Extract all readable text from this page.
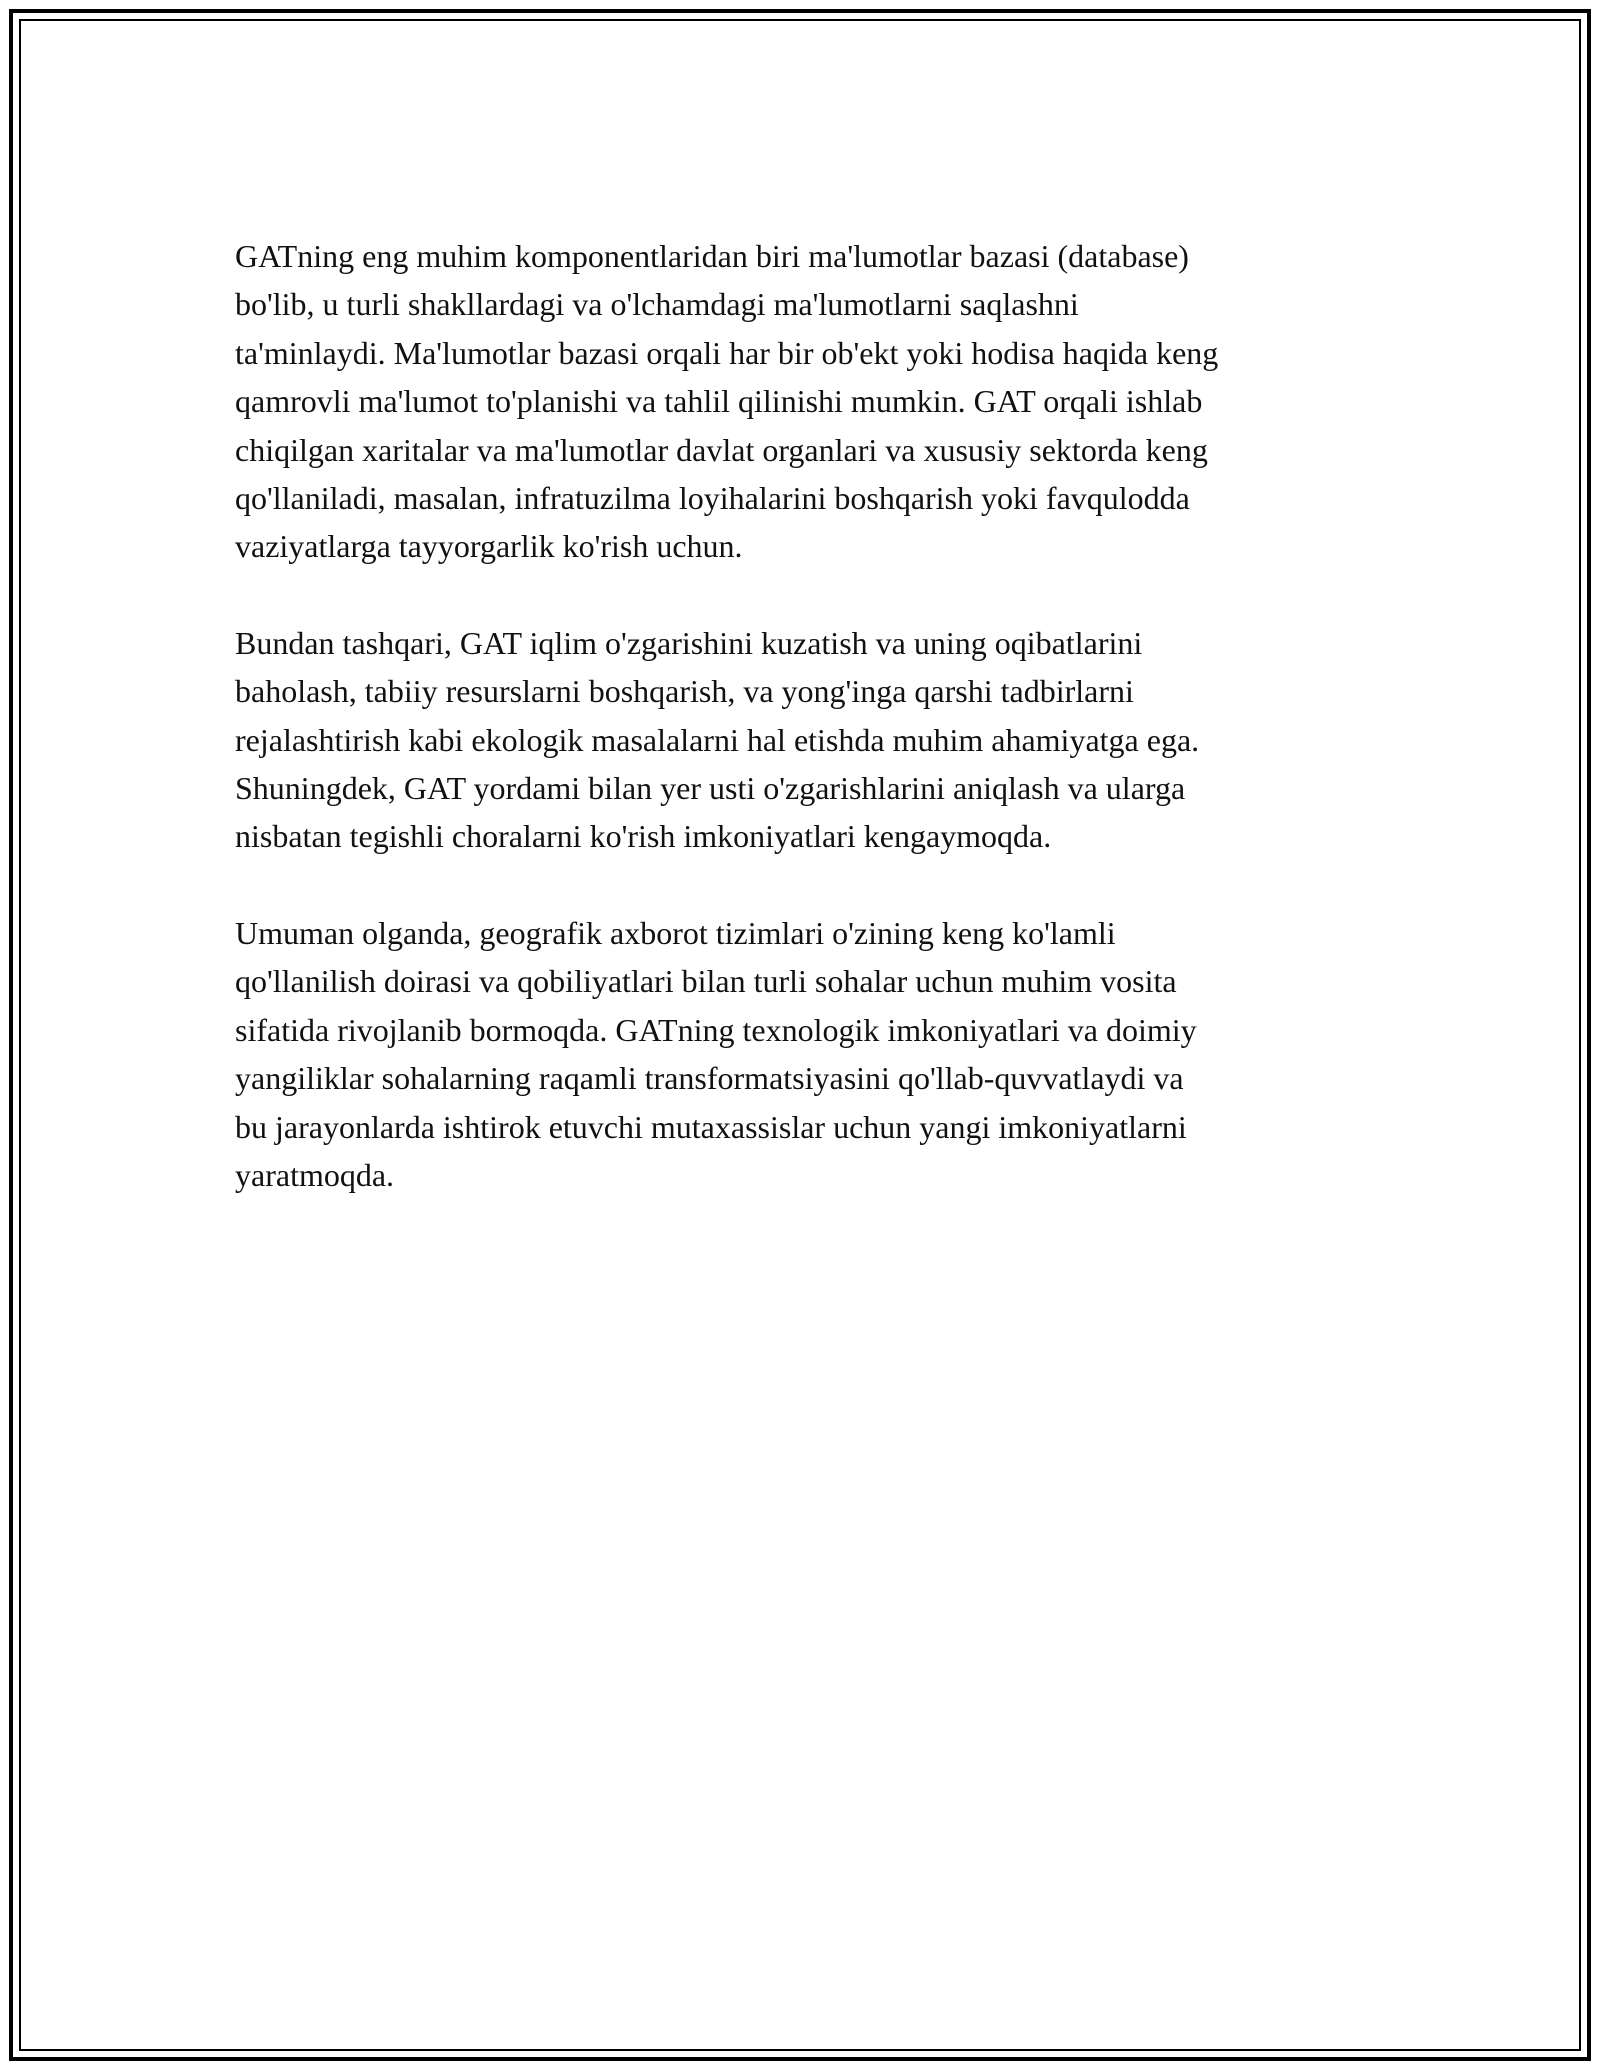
GATning eng muhim komponentlaridan biri ma'lumotlar bazasi (database)
bo'lib, u turli shakllardagi va o'lchamdagi ma'lumotlarni saqlashni
ta'minlaydi. Ma'lumotlar bazasi orqali har bir ob'ekt yoki hodisa haqida keng
qamrovli ma'lumot to'planishi va tahlil qilinishi mumkin. GAT orqali ishlab
chiqilgan xaritalar va ma'lumotlar davlat organlari va xususiy sektorda keng
qo'llaniladi, masalan, infratuzilma loyihalarini boshqarish yoki favqulodda
vaziyatlarga tayyorgarlik ko'rish uchun.

Bundan tashqari, GAT iqlim o'zgarishini kuzatish va uning oqibatlarini
baholash, tabiiy resurslarni boshqarish, va yong'inga qarshi tadbirlarni
rejalashtirish kabi ekologik masalalarni hal etishda muhim ahamiyatga ega.
Shuningdek, GAT yordami bilan yer usti o'zgarishlarini aniqlash va ularga
nisbatan tegishli choralarni ko'rish imkoniyatlari kengaymoqda.

Umuman olganda, geografik axborot tizimlari o'zining keng ko'lamli
qo'llanilish doirasi va qobiliyatlari bilan turli sohalar uchun muhim vosita
sifatida rivojlanib bormoqda. GATning texnologik imkoniyatlari va doimiy
yangiliklar sohalarning raqamli transformatsiyasini qo'llab-quvvatlaydi va
bu jarayonlarda ishtirok etuvchi mutaxassislar uchun yangi imkoniyatlarni
yaratmoqda.
